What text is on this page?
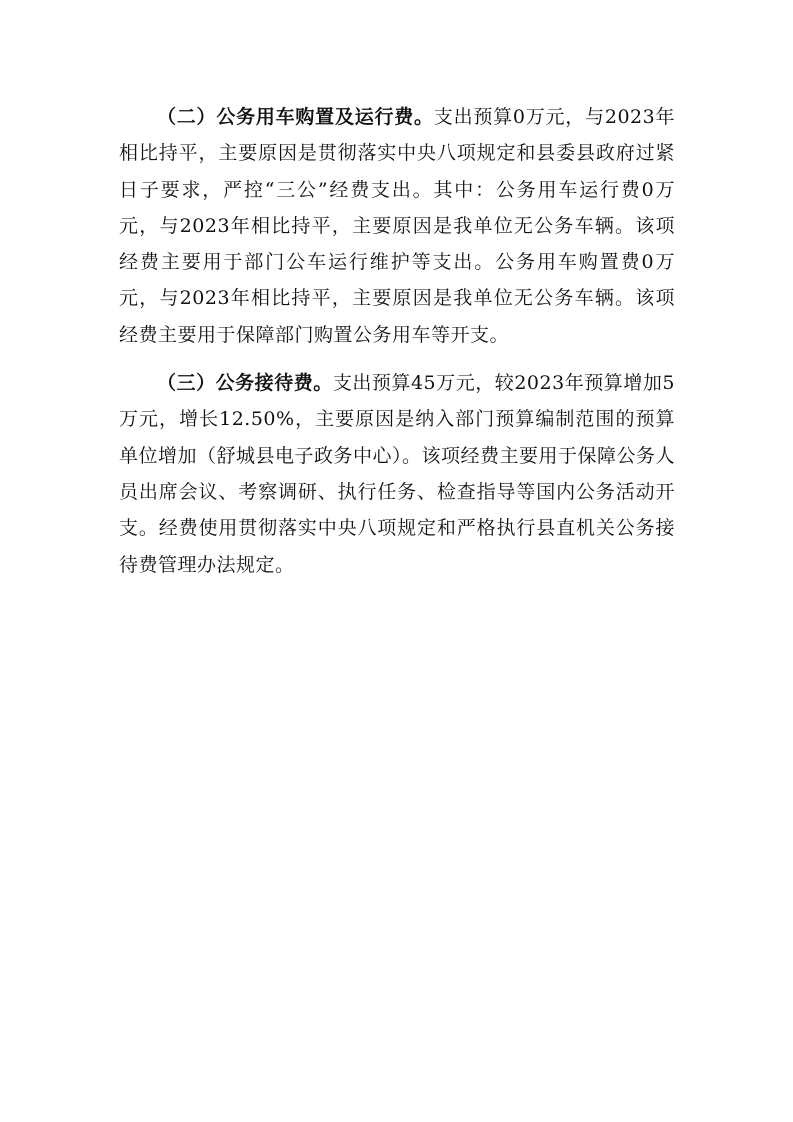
（二）公务用车购置及运行费。支出预算0万元，与2023年相比持平，主要原因是贯彻落实中央八项规定和县委县政府过紧日子要求，严控“三公”经费支出。其中：公务用车运行费0万元，与2023年相比持平，主要原因是我单位无公务车辆。该项经费主要用于部门公车运行维护等支出。公务用车购置费0万元，与2023年相比持平，主要原因是我单位无公务车辆。该项经费主要用于保障部门购置公务用车等开支。

（三）公务接待费。支出预算45万元，较2023年预算增加5万元，增长12.50%，主要原因是纳入部门预算编制范围的预算单位增加（舒城县电子政务中心）。该项经费主要用于保障公务人员出席会议、考察调研、执行任务、检查指导等国内公务活动开支。经费使用贯彻落实中央八项规定和严格执行县直机关公务接待费管理办法规定。
